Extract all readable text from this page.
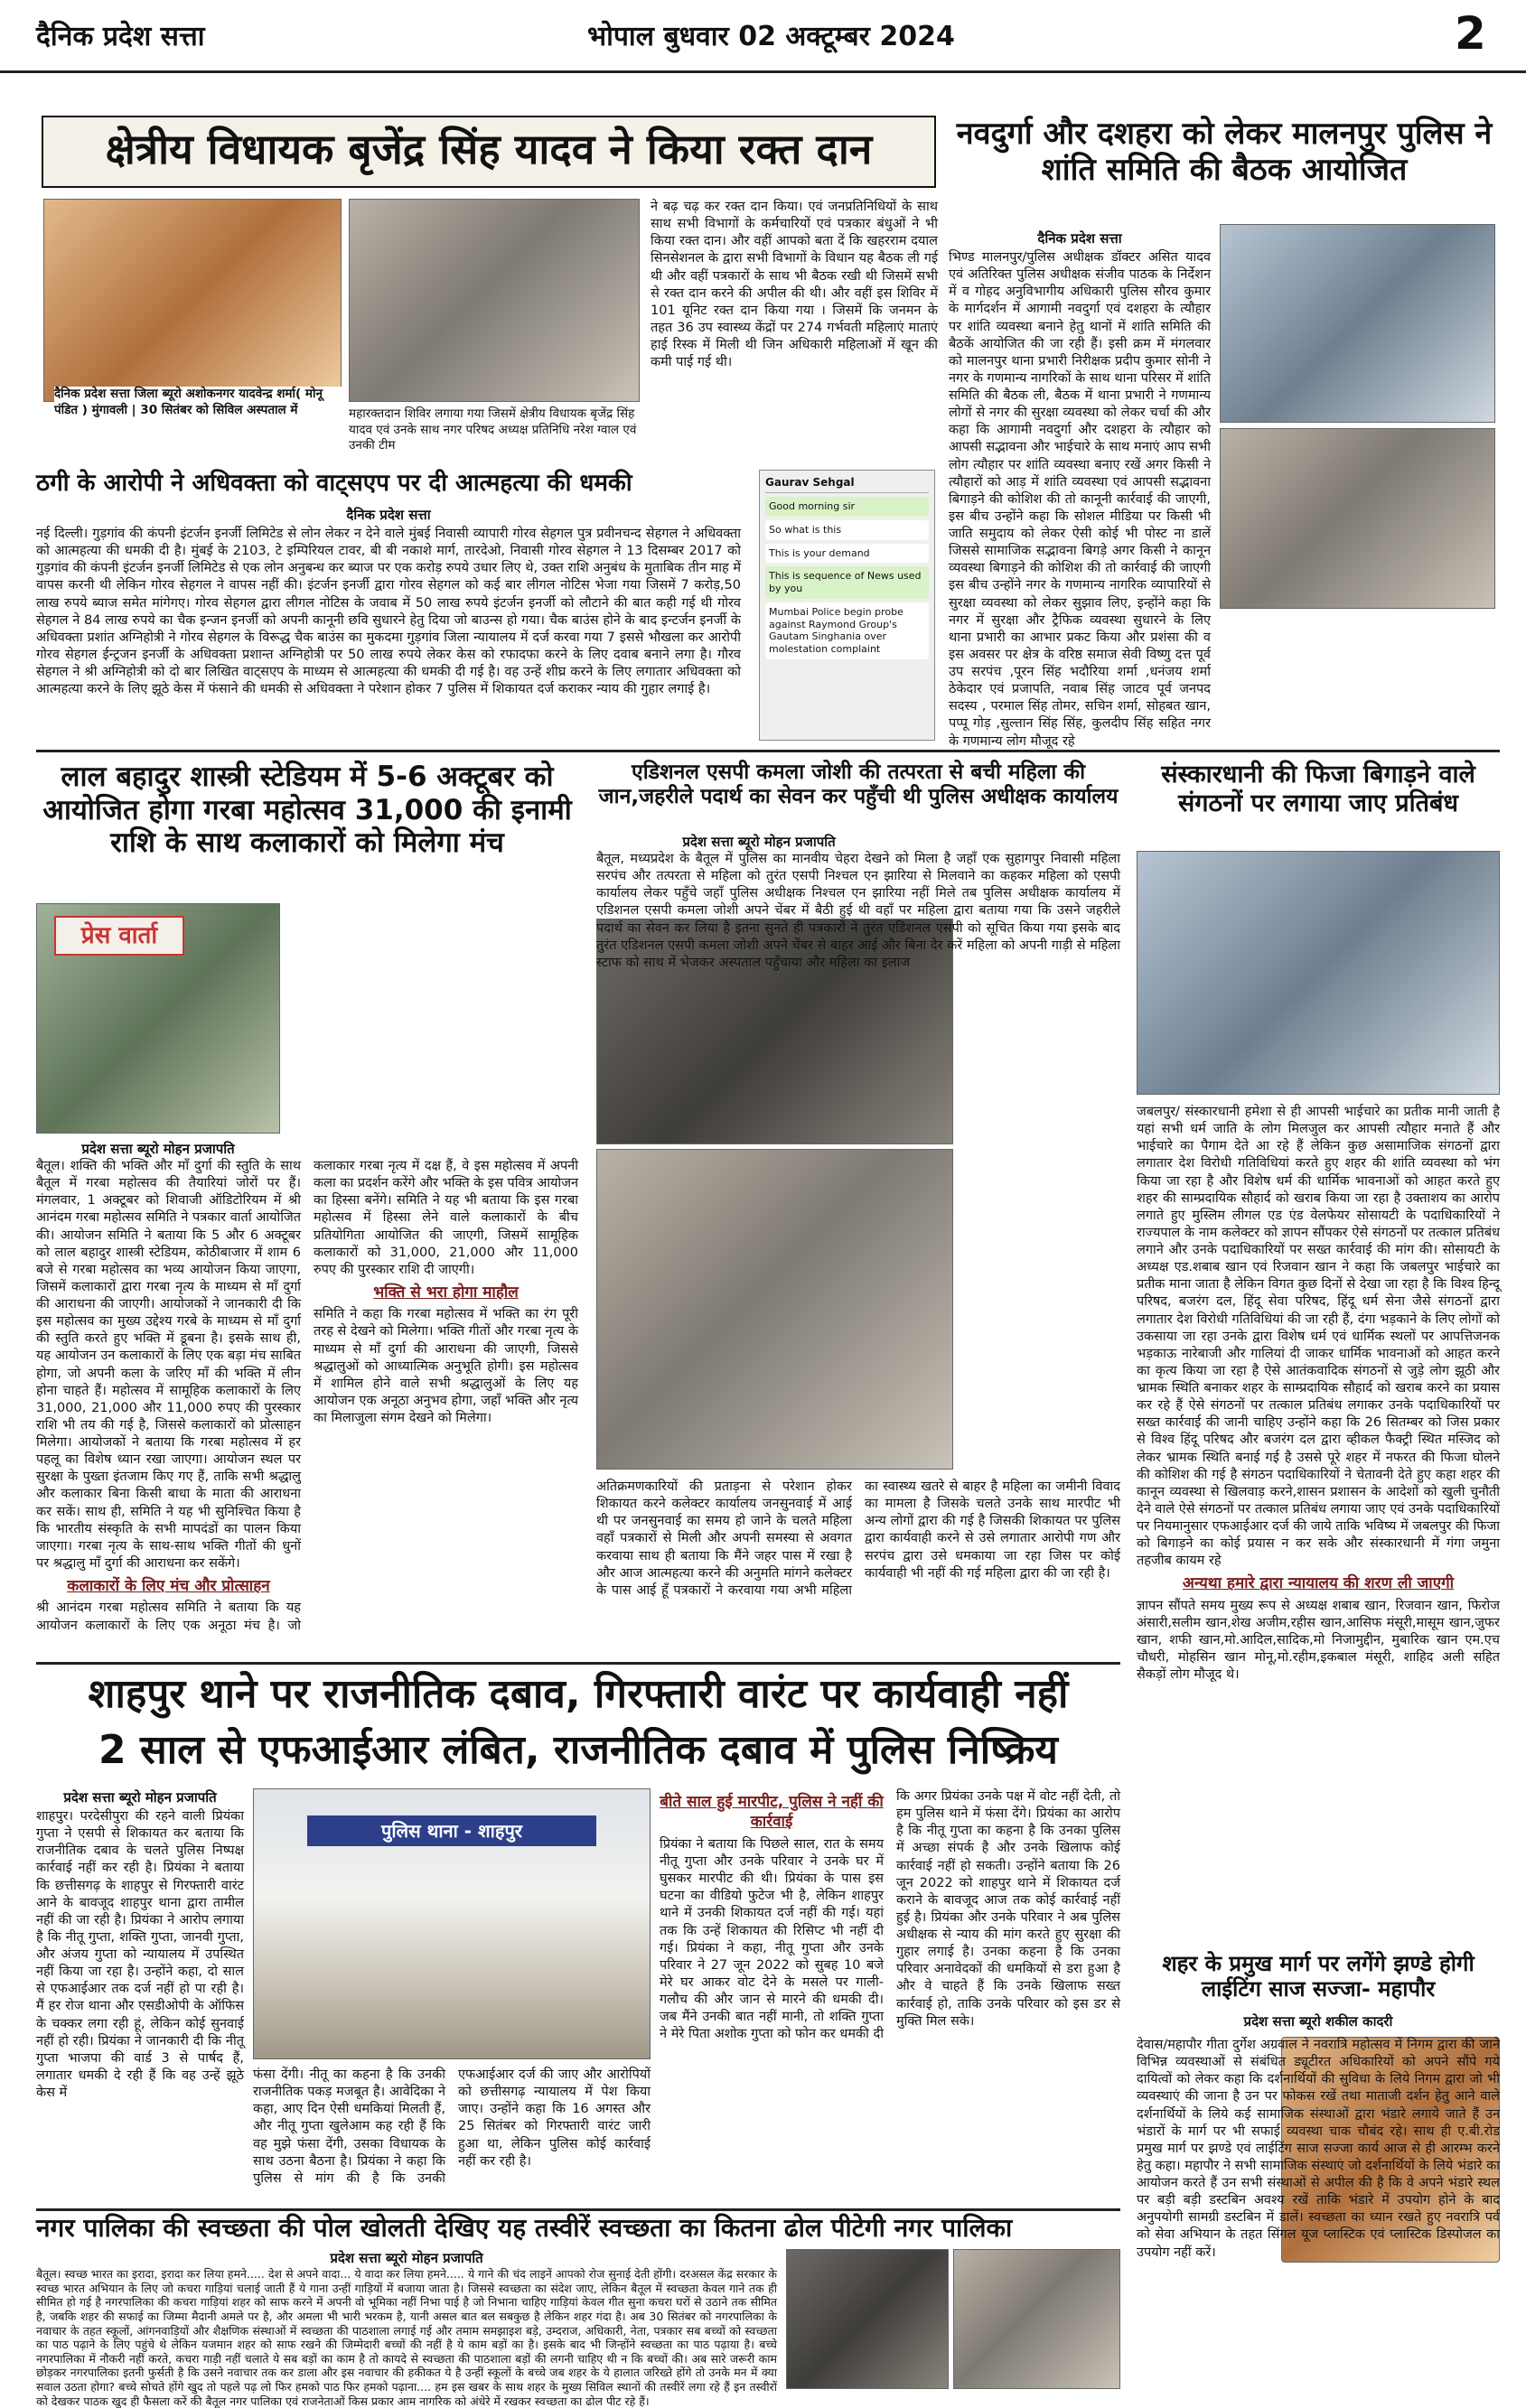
दैनिक प्रदेश सत्ता	भोपाल बुधवार 02 अक्टूम्बर 2024	2
क्षेत्रीय विधायक बृजेंद्र सिंह यादव ने किया रक्त दान
दैनिक प्रदेश सत्ता जिला ब्यूरो अशोकनगर यादवेन्द्र शर्मा( मोनू पंडित ) मुंगावली | 30 सितंबर को सिविल अस्पताल में	महारक्तदान शिविर लगाया गया जिसमें क्षेत्रीय विधायक बृजेंद्र सिंह यादव एवं उनके साथ नगर परिषद अध्यक्ष प्रतिनिधि नरेश ग्वाल एवं उनकी टीम
ने बढ़ चढ़ कर रक्त दान किया। एवं जनप्रतिनिधियों के साथ साथ सभी विभागों के कर्मचारियों एवं पत्रकार बंधुओं ने भी किया रक्त दान। और वहीं आपको बता दें कि खहरराम दयाल सिनसेशनल के द्वारा सभी विभागों के विधान यह बैठक ली गई थी और वहीं पत्रकारों के साथ भी बैठक रखी थी जिसमें सभी से रक्त दान करने की अपील की थी। और वहीं इस शिविर में 101 यूनिट रक्त दान किया गया । जिसमें कि जनमन के तहत 36 उप स्वास्थ्य केंद्रों पर 274 गर्भवती महिलाएं माताएं हाई रिस्क में मिली थी जिन अधिकारी महिलाओं में खून की कमी पाई गई थी।
नवदुर्गा और दशहरा को लेकर मालनपुर पुलिस ने शांति समिति की बैठक आयोजित
दैनिक प्रदेश सत्ता
भिण्ड मालनपुर/पुलिस अधीक्षक डॉक्टर असित यादव एवं अतिरिक्त पुलिस अधीक्षक संजीव पाठक के निर्देशन में व गोहद अनुविभागीय अधिकारी पुलिस सौरव कुमार के मार्गदर्शन में आगामी नवदुर्गा एवं दशहरा के त्यौहार पर शांति व्यवस्था बनाने हेतु थानों में शांति समिति की बैठकें आयोजित की जा रही हैं। इसी क्रम में मंगलवार को मालनपुर थाना प्रभारी निरीक्षक प्रदीप कुमार सोनी ने नगर के गणमान्य नागरिकों के साथ थाना परिसर में शांति समिति की बैठक ली, बैठक में थाना प्रभारी ने गणमान्य लोगों से नगर की सुरक्षा व्यवस्था को लेकर चर्चा की और कहा कि आगामी नवदुर्गा और दशहरा के त्यौहार को आपसी सद्भावना और भाईचारे के साथ मनाएं आप सभी लोग त्यौहार पर शांति व्यवस्था बनाए रखें अगर किसी ने त्यौहारों को आड़ में शांति व्यवस्था एवं आपसी सद्भावना बिगाड़ने की कोशिश की तो कानूनी कार्रवाई की जाएगी, इस बीच उन्होंने कहा कि सोशल मीडिया पर किसी भी जाति समुदाय को लेकर ऐसी कोई भी पोस्ट ना डालें जिससे सामाजिक सद्भावना बिगड़े अगर किसी ने कानून व्यवस्था बिगाड़ने की कोशिश की तो कार्रवाई की जाएगी इस बीच उन्होंने नगर के गणमान्य नागरिक व्यापारियों से सुरक्षा व्यवस्था को लेकर सुझाव लिए, इन्होंने कहा कि नगर में सुरक्षा और ट्रैफिक व्यवस्था सुधारने के लिए थाना प्रभारी का आभार प्रकट किया और प्रशंसा की व इस अवसर पर क्षेत्र के वरिष्ठ समाज सेवी विष्णु दत्त पूर्व उप सरपंच ,पूरन सिंह भदौरिया शर्मा ,धनंजय शर्मा ठेकेदार एवं प्रजापति, नवाब सिंह जाटव पूर्व जनपद सदस्य , परमाल सिंह तोमर, सचिन शर्मा, सोहबत खान, पप्पू गोड़ ,सुल्तान सिंह सिंह, कुलदीप सिंह सहित नगर के गणमान्य लोग मौजूद रहे
ठगी के आरोपी ने अधिवक्ता को वाट्सएप पर दी आत्महत्या की धमकी
दैनिक प्रदेश सत्ता
नई दिल्ली। गुड़गांव की कंपनी इंटर्जन इनर्जी लिमिटेड से लोन लेकर न देने वाले मुंबई निवासी व्यापारी गोरव सेहगल पुत्र प्रवीनचन्द सेहगल ने अधिवक्ता को आत्महत्या की धमकी दी है। मुंबई के 2103, टे इम्पिरियल टावर, बी बी नकाशे मार्ग, तारदेओ, निवासी गोरव सेहगल ने 13 दिसम्बर 2017 को गुड़गांव की कंपनी इंटर्जन इनर्जी लिमिटेड से एक लोन अनुबन्ध कर ब्याज पर एक करोड़ रुपये उधार लिए थे, उक्त राशि अनुबंध के मुताबिक तीन माह में वापस करनी थी लेकिन गोरव सेहगल ने वापस नहीं की। इंटर्जन इनर्जी द्वारा गोरव सेहगल को कई बार लीगल नोटिस भेजा गया जिसमें 7 करोड़,50 लाख रुपये ब्याज समेत मांगेगए। गोरव सेहगल द्वारा लीगल नोटिस के जवाब में 50 लाख रुपये इंटर्जन इनर्जी को लौटाने की बात कही गई थी गोरव सेहगल ने 84 लाख रुपये का चैक इन्जन इनर्जी को अपनी कानूनी छवि सुधारने हेतु दिया जो बाउन्स हो गया। चैक बाउंस होने के बाद इन्टर्जन इनर्जी के अधिवक्ता प्रशांत अग्निहोत्री ने गोरव सेहगल के विरूद्ध चैक बाउंस का मुकदमा गुड़गांव जिला न्यायालय में दर्ज करवा गया 7 इससे भौखला कर आरोपी गोरव सेहगल ईन्ट्रजन इनर्जी के अधिवक्ता प्रशान्त अग्निहोत्री पर 50 लाख रुपये लेकर केस को रफादफा करने के लिए दवाब बनाने लगा है। गौरव सेहगल ने श्री अग्निहोत्री को दो बार लिखित वाट्सएप के माध्यम से आत्महत्या की धमकी दी गई है। वह उन्हें शीघ्र करने के लिए लगातार अधिवक्ता को आत्महत्या करने के लिए झूठे केस में फंसाने की धमकी से अधिवक्ता ने परेशान होकर 7 पुलिस में शिकायत दर्ज कराकर न्याय की गुहार लगाई है।
Gaurav Sehgal
Good morning sir
So what is this
This is your demand
This is sequence of News used by you
Mumbai Police begin probe against Raymond Group's Gautam Singhania over molestation complaint
लाल बहादुर शास्त्री स्टेडियम में 5-6 अक्टूबर को आयोजित होगा गरबा महोत्सव 31,000 की इनामी राशि के साथ कलाकारों को मिलेगा मंच
प्रेस वार्ता
प्रदेश सत्ता ब्यूरो मोहन प्रजापति
बैतूल। शक्ति की भक्ति और माँ दुर्गा की स्तुति के साथ बैतूल में गरबा महोत्सव की तैयारियां जोरों पर हैं। मंगलवार, 1 अक्टूबर को शिवाजी ऑडिटोरियम में श्री आनंदम गरबा महोत्सव समिति ने पत्रकार वार्ता आयोजित की। आयोजन समिति ने बताया कि 5 और 6 अक्टूबर को लाल बहादुर शास्त्री स्टेडियम, कोठीबाजार में शाम 6 बजे से गरबा महोत्सव का भव्य आयोजन किया जाएगा, जिसमें कलाकारों द्वारा गरबा नृत्य के माध्यम से माँ दुर्गा की आराधना की जाएगी। आयोजकों ने जानकारी दी कि इस महोत्सव का मुख्य उद्देश्य गरबे के माध्यम से माँ दुर्गा की स्तुति करते हुए भक्ति में डूबना है। इसके साथ ही, यह आयोजन उन कलाकारों के लिए एक बड़ा मंच साबित होगा, जो अपनी कला के जरिए माँ की भक्ति में लीन होना चाहते हैं। महोत्सव में सामूहिक कलाकारों के लिए 31,000, 21,000 और 11,000 रुपए की पुरस्कार राशि भी तय की गई है, जिससे कलाकारों को प्रोत्साहन मिलेगा। आयोजकों ने बताया कि गरबा महोत्सव में हर पहलू का विशेष ध्यान रखा जाएगा। आयोजन स्थल पर सुरक्षा के पुख्ता इंतजाम किए गए हैं, ताकि सभी श्रद्धालु और कलाकार बिना किसी बाधा के माता की आराधना कर सकें। साथ ही, समिति ने यह भी सुनिश्चित किया है कि भारतीय संस्कृति के सभी मापदंडों का पालन किया जाएगा। गरबा नृत्य के साथ-साथ भक्ति गीतों की धुनों पर श्रद्धालु माँ दुर्गा की आराधना कर सकेंगे।
कलाकारों के लिए मंच और प्रोत्साहन
श्री आनंदम गरबा महोत्सव समिति ने बताया कि यह आयोजन कलाकारों के लिए एक अनूठा मंच है। जो कलाकार गरबा नृत्य में दक्ष हैं, वे इस महोत्सव में अपनी कला का प्रदर्शन करेंगे और भक्ति के इस पवित्र आयोजन का हिस्सा बनेंगे। समिति ने यह भी बताया कि इस गरबा महोत्सव में हिस्सा लेने वाले कलाकारों के बीच प्रतियोगिता आयोजित की जाएगी, जिसमें सामूहिक कलाकारों को 31,000, 21,000 और 11,000 रुपए की पुरस्कार राशि दी जाएगी।
भक्ति से भरा होगा माहौल
समिति ने कहा कि गरबा महोत्सव में भक्ति का रंग पूरी तरह से देखने को मिलेगा। भक्ति गीतों और गरबा नृत्य के माध्यम से माँ दुर्गा की आराधना की जाएगी, जिससे श्रद्धालुओं को आध्यात्मिक अनुभूति होगी। इस महोत्सव में शामिल होने वाले सभी श्रद्धालुओं के लिए यह आयोजन एक अनूठा अनुभव होगा, जहाँ भक्ति और नृत्य का मिलाजुला संगम देखने को मिलेगा।
एडिशनल एसपी कमला जोशी की तत्परता से बची महिला की जान,जहरीले पदार्थ का सेवन कर पहुँची थी पुलिस अधीक्षक कार्यालय
प्रदेश सत्ता ब्यूरो मोहन प्रजापति
बैतूल, मध्यप्रदेश के बैतूल में पुलिस का मानवीय चेहरा देखने को मिला है जहाँ एक सुहागपुर निवासी महिला सरपंच और तत्परता से महिला को तुरंत एसपी निश्चल एन झारिया से मिलवाने का कहकर महिला को एसपी कार्यालय लेकर पहुँचे जहाँ पुलिस अधीक्षक निश्चल एन झारिया नहीं मिले तब पुलिस अधीक्षक कार्यालय में एडिशनल एसपी कमला जोशी अपने चेंबर में बैठी हुई थी वहाँ पर महिला द्वारा बताया गया कि उसने जहरीले पदार्थ का सेवन कर लिया है इतना सुनते ही पत्रकारों ने तुरंत एडिशनल एसपी को सूचित किया गया इसके बाद तुरंत एडिशनल एसपी कमला जोशी अपने चेंबर से बाहर आई और बिना देर करें महिला को अपनी गाड़ी से महिला स्टाफ को साथ में भेजकर अस्पताल पहुँचाया और महिला का इलाज
अतिक्रमणकारियों की प्रताड़ना से परेशान होकर शिकायत करने कलेक्टर कार्यालय जनसुनवाई में आई थी पर जनसुनवाई का समय हो जाने के चलते महिला वहाँ पत्रकारों से मिली और अपनी समस्या से अवगत करवाया साथ ही बताया कि मैंने जहर पास में रखा है और आज आत्महत्या करने की अनुमति मांगने कलेक्टर के पास आई हूँ पत्रकारों ने करवाया गया अभी महिला का स्वास्थ्य खतरे से बाहर है महिला का जमीनी विवाद का मामला है जिसके चलते उनके साथ मारपीट भी अन्य लोगों द्वारा की गई है जिसकी शिकायत पर पुलिस द्वारा कार्यवाही करने से उसे लगातार आरोपी गण और सरपंच द्वारा उसे धमकाया जा रहा जिस पर कोई कार्यवाही भी नहीं की गई महिला द्वारा की जा रही है।
संस्कारधानी की फिजा बिगाड़ने वाले संगठनों पर लगाया जाए प्रतिबंध
जबलपुर/ संस्कारधानी हमेशा से ही आपसी भाईचारे का प्रतीक मानी जाती है यहां सभी धर्म जाति के लोग मिलजुल कर आपसी त्यौहार मनाते हैं और भाईचारे का पैगाम देते आ रहे हैं लेकिन कुछ असामाजिक संगठनों द्वारा लगातार देश विरोधी गतिविधियां करते हुए शहर की शांति व्यवस्था को भंग किया जा रहा है और विशेष धर्म की धार्मिक भावनाओं को आहत करते हुए शहर की साम्प्रदायिक सौहार्द को खराब किया जा रहा है उक्ताशय का आरोप लगाते हुए मुस्लिम लीगल एड एंड वेलफेयर सोसायटी के पदाधिकारियों ने राज्यपाल के नाम कलेक्टर को ज्ञापन सौंपकर ऐसे संगठनों पर तत्काल प्रतिबंध लगाने और उनके पदाधिकारियों पर सख्त कार्रवाई की मांग की। सोसायटी के अध्यक्ष एड.शबाब खान एवं रिजवान खान ने कहा कि जबलपुर भाईचारे का प्रतीक माना जाता है लेकिन विगत कुछ दिनों से देखा जा रहा है कि विश्व हिन्दू परिषद, बजरंग दल, हिंदू सेवा परिषद, हिंदू धर्म सेना जैसे संगठनों द्वारा लगातार देश विरोधी गतिविधियां की जा रही हैं, दंगा भड़काने के लिए लोगों को उकसाया जा रहा उनके द्वारा विशेष धर्म एवं धार्मिक स्थलों पर आपत्तिजनक भड़काऊ नारेबाजी और गालियां दी जाकर धार्मिक भावनाओं को आहत करने का कृत्य किया जा रहा है ऐसे आतंकवादिक संगठनों से जुड़े लोग झूठी और भ्रामक स्थिति बनाकर शहर के साम्प्रदायिक सौहार्द को खराब करने का प्रयास कर रहे हैं ऐसे संगठनों पर तत्काल प्रतिबंध लगाकर उनके पदाधिकारियों पर सख्त कार्रवाई की जानी चाहिए उन्होंने कहा कि 26 सितम्बर को जिस प्रकार से विश्व हिंदू परिषद और बजरंग दल द्वारा व्हीकल फैक्ट्री स्थित मस्जिद को लेकर भ्रामक स्थिति बनाई गई है उससे पूरे शहर में नफरत की फिजा घोलने की कोशिश की गई है संगठन पदाधिकारियों ने चेतावनी देते हुए कहा शहर की कानून व्यवस्था से खिलवाड़ करने,शासन प्रशासन के आदेशों को खुली चुनौती देने वाले ऐसे संगठनों पर तत्काल प्रतिबंध लगाया जाए एवं उनके पदाधिकारियों पर नियमानुसार एफआईआर दर्ज की जाये ताकि भविष्य में जबलपुर की फिजा को बिगाड़ने का कोई प्रयास न कर सके और संस्कारधानी में गंगा जमुना तहजीब कायम रहे
अन्यथा हमारे द्वारा न्यायालय की शरण ली जाएगी
ज्ञापन सौंपते समय मुख्य रूप से अध्यक्ष शबाब खान, रिजवान खान, फिरोज अंसारी,सलीम खान,शेख अजीम,रहीस खान,आसिफ मंसूरी,मासूम खान,जुफर खान, शफी खान,मो.आदिल,सादिक,मो निजामुद्दीन, मुबारिक खान एम.एच चौधरी, मोहसिन खान मोनू,मो.रहीम,इकबाल मंसूरी, शाहिद अली सहित सैकड़ों लोग मौजूद थे।
शाहपुर थाने पर राजनीतिक दबाव, गिरफ्तारी वारंट पर कार्यवाही नहीं
2 साल से एफआईआर लंबित, राजनीतिक दबाव में पुलिस निष्क्रिय
प्रदेश सत्ता ब्यूरो मोहन प्रजापति
शाहपुर। परदेसीपुरा की रहने वाली प्रियंका गुप्ता ने एसपी से शिकायत कर बताया कि राजनीतिक दबाव के चलते पुलिस निष्पक्ष कार्रवाई नहीं कर रही है। प्रियंका ने बताया कि छत्तीसगढ़ के शाहपुर से गिरफ्तारी वारंट आने के बावजूद शाहपुर थाना द्वारा तामील नहीं की जा रही है। प्रियंका ने आरोप लगाया है कि नीतू गुप्ता, शक्ति गुप्ता, जानवी गुप्ता, और अंजय गुप्ता को न्यायालय में उपस्थित नहीं किया जा रहा है। उन्होंने कहा, दो साल से एफआईआर तक दर्ज नहीं हो पा रही है। मैं हर रोज थाना और एसडीओपी के ऑफिस के चक्कर लगा रही हूं, लेकिन कोई सुनवाई नहीं हो रही। प्रियंका ने जानकारी दी कि नीतू गुप्ता भाजपा की वार्ड 3 से पार्षद हैं, लगातार धमकी दे रही हैं कि वह उन्हें झूठे केस में
पुलिस थाना - शाहपुर
फंसा देंगी। नीतू का कहना है कि उनकी राजनीतिक पकड़ मजबूत है। आवेदिका ने कहा, आए दिन ऐसी धमकियां मिलती हैं, और नीतू गुप्ता खुलेआम कह रही हैं कि वह मुझे फंसा देंगी, उसका विधायक के साथ उठना बैठना है। प्रियंका ने कहा कि पुलिस से मांग की है कि उनकी एफआईआर दर्ज की जाए और आरोपियों को छत्तीसगढ़ न्यायालय में पेश किया जाए। उन्होंने कहा कि 16 अगस्त और 25 सितंबर को गिरफ्तारी वारंट जारी हुआ था, लेकिन पुलिस कोई कार्रवाई नहीं कर रही है।
बीते साल हुई मारपीट, पुलिस ने नहीं की कार्रवाई
प्रियंका ने बताया कि पिछले साल, रात के समय नीतू गुप्ता और उनके परिवार ने उनके घर में घुसकर मारपीट की थी। प्रियंका के पास इस घटना का वीडियो फुटेज भी है, लेकिन शाहपुर थाने में उनकी शिकायत दर्ज नहीं की गई। यहां तक कि उन्हें शिकायत की रिसिप्ट भी नहीं दी गई। प्रियंका ने कहा, नीतू गुप्ता और उनके परिवार ने 27 जून 2022 को सुबह 10 बजे मेरे घर आकर वोट देने के मसले पर गाली-गलौच की और जान से मारने की धमकी दी। जब मैंने उनकी बात नहीं मानी, तो शक्ति गुप्ता ने मेरे पिता अशोक गुप्ता को फोन कर धमकी दी कि अगर प्रियंका उनके पक्ष में वोट नहीं देती, तो हम पुलिस थाने में फंसा देंगे। प्रियंका का आरोप है कि नीतू गुप्ता का कहना है कि उनका पुलिस में अच्छा संपर्क है और उनके खिलाफ कोई कार्रवाई नहीं हो सकती। उन्होंने बताया कि 26 जून 2022 को शाहपुर थाने में शिकायत दर्ज कराने के बावजूद आज तक कोई कार्रवाई नहीं हुई है। प्रियंका और उनके परिवार ने अब पुलिस अधीक्षक से न्याय की मांग करते हुए सुरक्षा की गुहार लगाई है। उनका कहना है कि उनका परिवार अनावेदकों की धमकियों से डरा हुआ है और वे चाहते हैं कि उनके खिलाफ सख्त कार्रवाई हो, ताकि उनके परिवार को इस डर से मुक्ति मिल सके।
शहर के प्रमुख मार्ग पर लगेंगे झण्डे होगी लाईटिंग साज सज्जा- महापौर
प्रदेश सत्ता ब्यूरो शकील कादरी
देवास/महापौर गीता दुर्गेश अग्रवाल ने नवरात्रि महोत्सव में निगम द्वारा की जाने विभिन्न व्यवस्थाओं से संबंधित ड्यूटीरत अधिकारियों को अपने सौंपे गये दायित्वों को लेकर कहा कि दर्शनार्थियों की सुविधा के लिये निगम द्वारा जो भी व्यवस्थाएं की जाना है उन पर फोकस रखें तथा माताजी दर्शन हेतु आने वाले दर्शनार्थियों के लिये कई सामाजिक संस्थाओं द्वारा भंडारे लगाये जाते हैं उन भंडारों के मार्ग पर भी सफाई व्यवस्था चाक चौबंद रहे। साथ ही ए.बी.रोड प्रमुख मार्ग पर झण्डे एवं लाईटिंग साज सज्जा कार्य आज से ही आरम्भ करने हेतु कहा। महापौर ने सभी सामाजिक संस्थाएं जो दर्शनार्थियों के लिये भंडारे का आयोजन करते हैं उन सभी संस्थाओं से अपील की है कि वे अपने भंडारे स्थल पर बड़ी बड़ी डस्टबिन अवश्य रखें ताकि भंडारे में उपयोग होने के बाद अनुपयोगी सामग्री डस्टबिन में डालें। स्वच्छता का ध्यान रखते हुए नवरात्रि पर्व को सेवा अभियान के तहत सिंगल यूज प्लास्टिक एवं प्लास्टिक डिस्पोजल का उपयोग नहीं करें।
नगर पालिका की स्वच्छता की पोल खोलती देखिए यह तस्वीरें स्वच्छता का कितना ढोल पीटेगी नगर पालिका
प्रदेश सत्ता ब्यूरो मोहन प्रजापति
बैतूल। स्वच्छ भारत का इरादा, इरादा कर लिया हमने..... देश से अपने वादा... ये वादा कर लिया हमने..... ये गाने की चंद लाइनें आपको रोज सुनाई देती होंगी। दरअसल केंद्र सरकार के स्वच्छ भारत अभियान के लिए जो कचरा गाड़ियां चलाई जाती हैं ये गाना उन्हीं गाड़ियों में बजाया जाता है। जिससे स्वच्छता का संदेश जाए, लेकिन बैतूल में स्वच्छता केवल गाने तक ही सीमित हो गई है नगरपालिका की कचरा गाड़ियां शहर को साफ करने में अपनी वो भूमिका नहीं निभा पाई है जो निभाना चाहिए गाड़ियां केवल गीत सुना कचरा घरों से उठाने तक सीमित है, जबकि शहर की सफाई का जिम्मा मैदानी अमले पर है, और अमला भी भारी भरकम है, यानी असल बात बल सबकुछ है लेकिन शहर गंदा है। अब 30 सितंबर को नगरपालिका के नवाचार के तहत स्कूलों, आंगनवाड़ियों और शैक्षणिक संस्थाओं में स्वच्छता की पाठशाला लगाई गई और तमाम समझाइश बड़े, उम्दराज, अधिकारी, नेता, पत्रकार सब बच्चों को स्वच्छता का पाठ पढ़ाने के लिए पहुंचे थे लेकिन यजमान शहर को साफ रखने की जिम्मेदारी बच्चों की नहीं है ये काम बड़ों का है। इसके बाद भी जिन्होंने स्वच्छता का पाठ पढ़ाया है। बच्चे नगरपालिका में नौकरी नहीं करते, कचरा गाड़ी नहीं चलाते ये सब बड़ों का काम है तो कायदे से स्वच्छता की पाठशाला बड़ों की लगनी चाहिए थी न कि बच्चों की। अब सारे जरूरी काम छोड़कर नगरपालिका इतनी फुर्सती है कि उसने नवाचार तक कर डाला और इस नवाचार की हकीकत ये है उन्हीं स्कूलों के बच्चे जब शहर के ये हालात जरिख्ते होंगे तो उनके मन में क्या सवाल उठता होगा? बच्चे सोचते होंगे खुद तो पहले पढ़ लो फिर हमको पाठ फिर हमको पढ़ाना.... हम इस खबर के साथ शहर के मुख्य सिविल स्थानों की तस्वीरें लगा रहे हैं इन तस्वीरों को देखकर पाठक खुद ही फैसला करें की बैतूल नगर पालिका एवं राजनेताओं किस प्रकार आम नागरिक को अंधेरे में रखकर स्वच्छता का ढोल पीट रहे हैं।
